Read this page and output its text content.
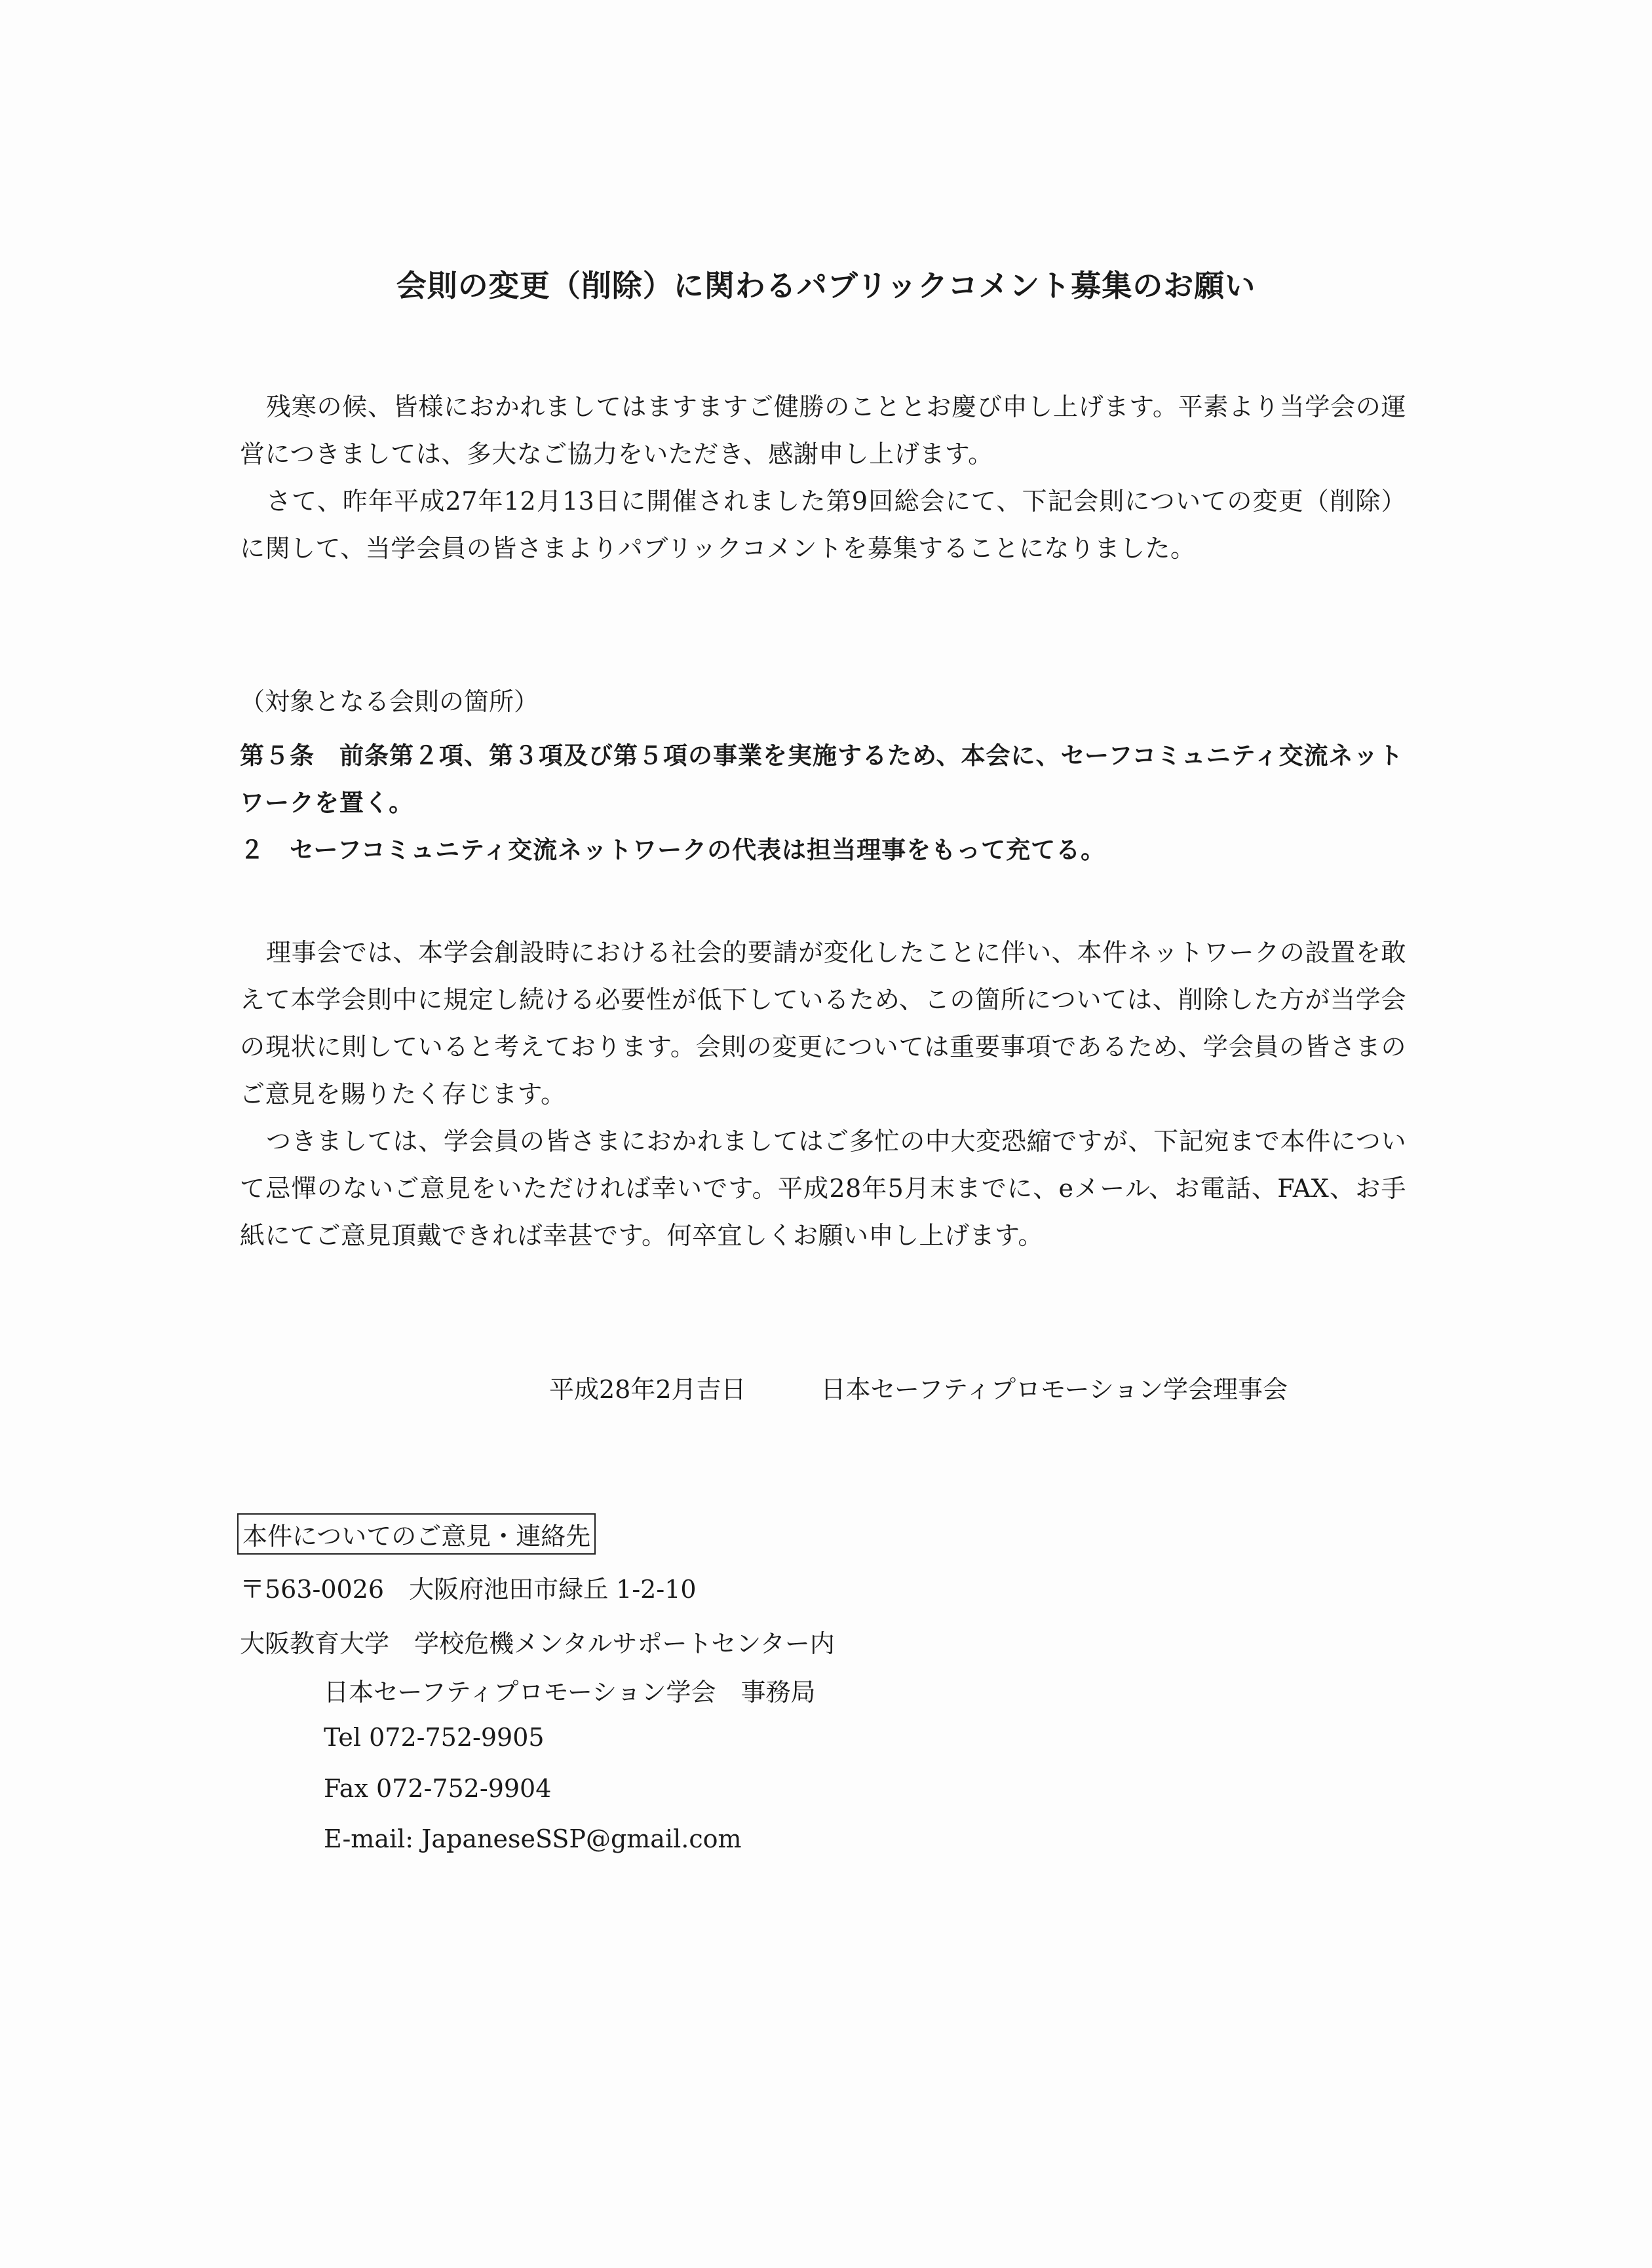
会則の変更（削除）に関わるパブリックコメント募集のお願い

残寒の候、皆様におかれましてはますますご健勝のこととお慶び申し上げます。平素より当学会の運営につきましては、多大なご協力をいただき、感謝申し上げます。

さて、昨年平成27年12月13日に開催されました第9回総会にて、下記会則についての変更（削除）に関して、当学会員の皆さまよりパブリックコメントを募集することになりました。

（対象となる会則の箇所）
第５条　前条第２項、第３項及び第５項の事業を実施するため、本会に、セーフコミュニティ交流ネットワークを置く。
２　セーフコミュニティ交流ネットワークの代表は担当理事をもって充てる。

理事会では、本学会創設時における社会的要請が変化したことに伴い、本件ネットワークの設置を敢えて本学会則中に規定し続ける必要性が低下しているため、この箇所については、削除した方が当学会の現状に則していると考えております。会則の変更については重要事項であるため、学会員の皆さまのご意見を賜りたく存じます。

つきましては、学会員の皆さまにおかれましてはご多忙の中大変恐縮ですが、下記宛まで本件について忌憚のないご意見をいただければ幸いです。平成28年5月末までに、eメール、お電話、FAX、お手紙にてご意見頂戴できれば幸甚です。何卒宜しくお願い申し上げます。

平成28年2月吉日　　　	日本セーフティプロモーション学会理事会
本件についてのご意見・連絡先
〒563-0026　大阪府池田市緑丘 1-2-10
大阪教育大学　学校危機メンタルサポートセンター内
日本セーフティプロモーション学会　事務局
Tel 072-752-9905
Fax 072-752-9904
E-mail: JapaneseSSP@gmail.com
